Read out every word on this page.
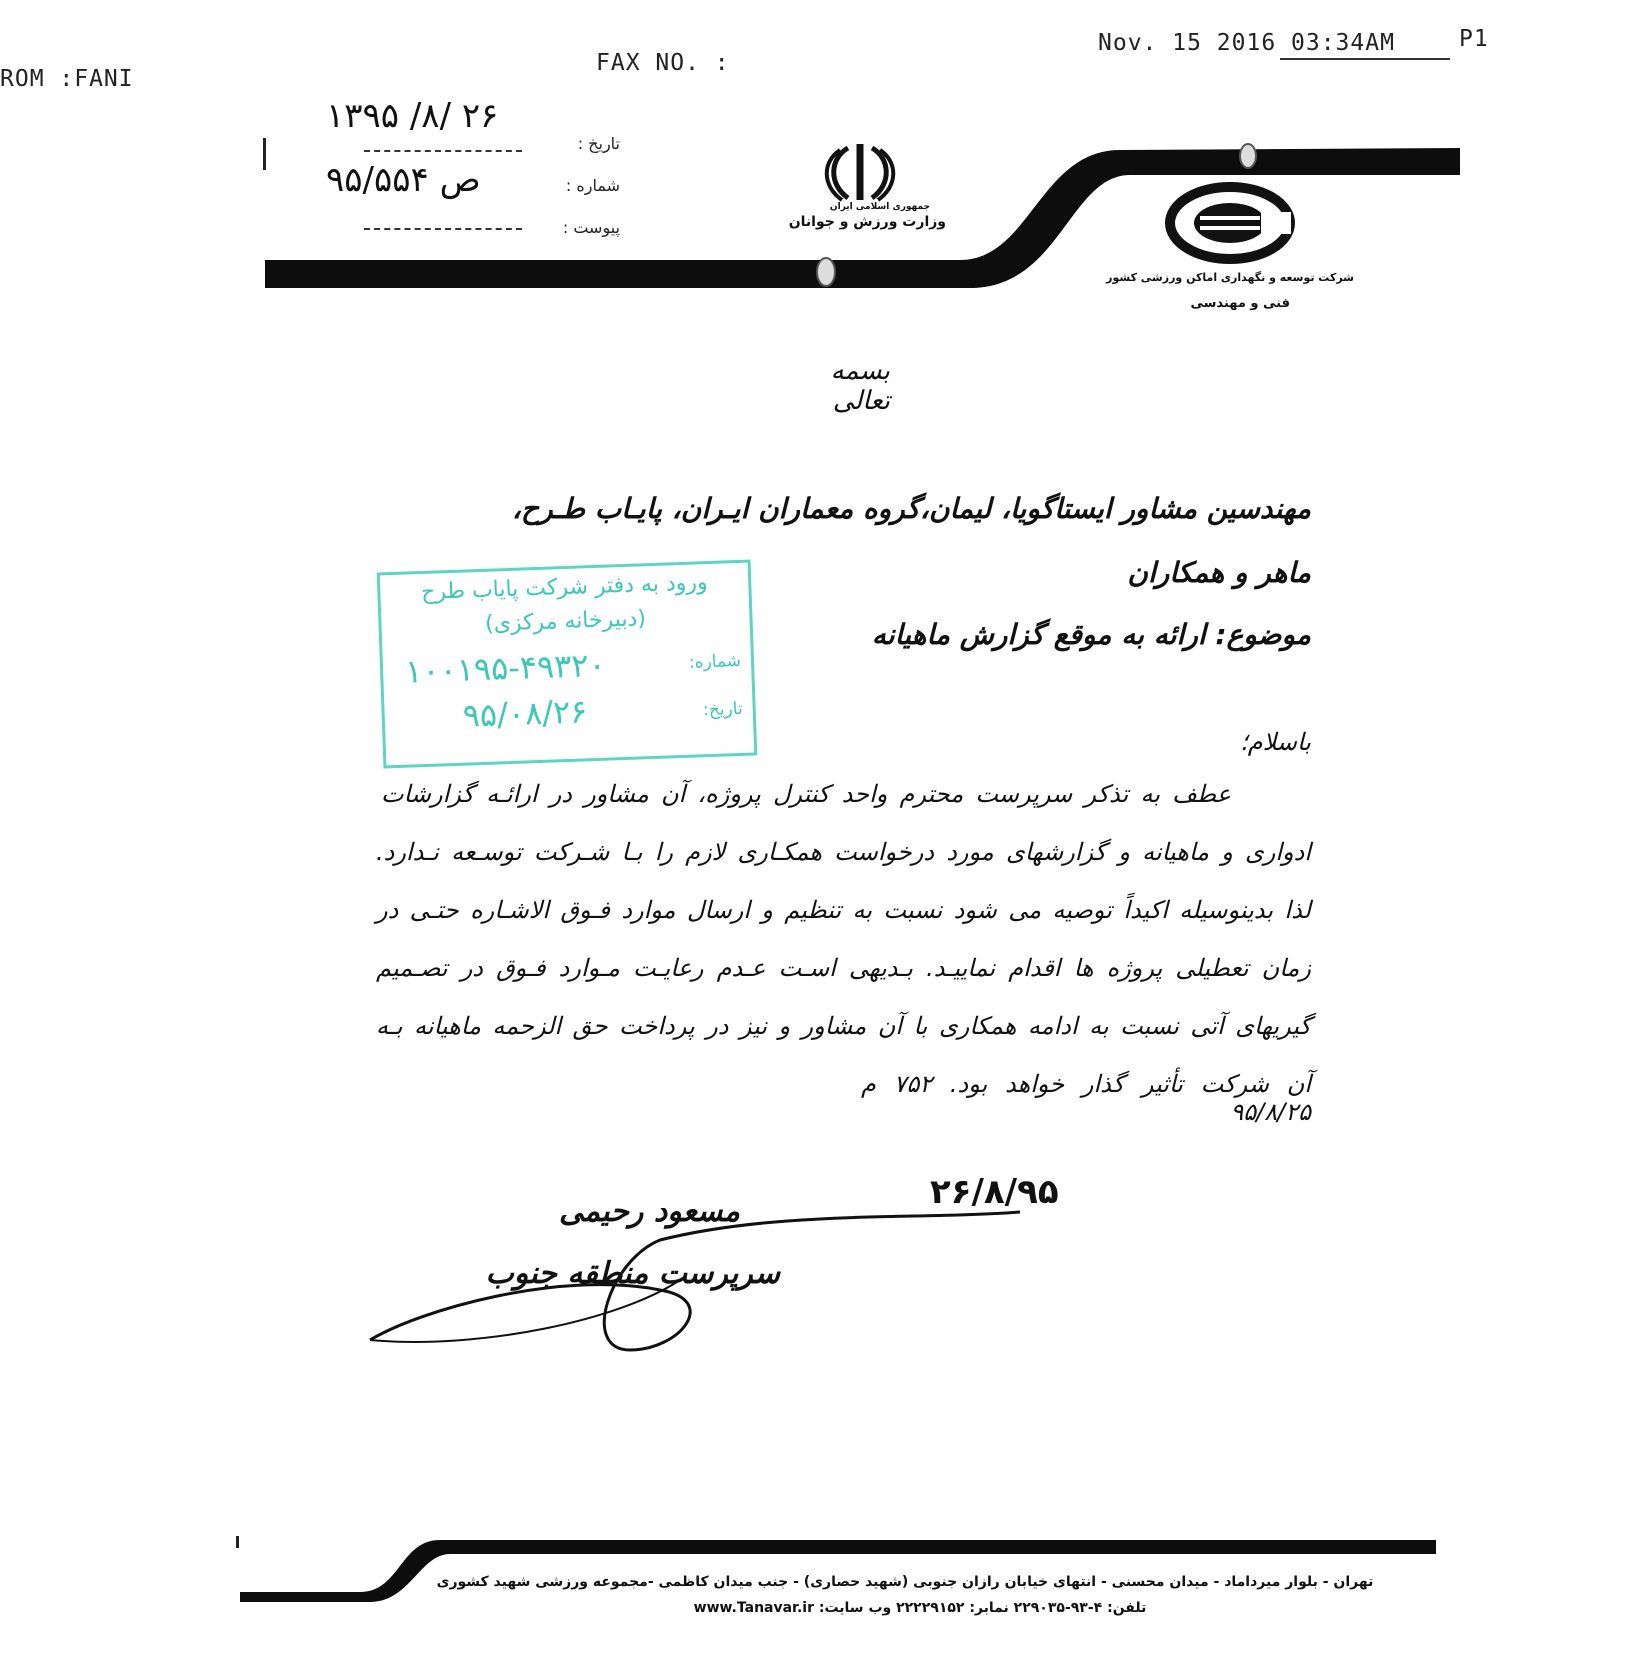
ROM :FANI
FAX NO. :
Nov. 15 2016 03:34AM	P1
جمهوری اسلامی ایران
وزارت ورزش و جوانان
شرکت توسعه و نگهداری اماکن ورزشی کشور
فنی و مهندسی
تاریخ :
شماره :
پیوست :
۱۳۹۵ /۸/ ۲۶
۹۵/۵۵۴ ص
بسمه تعالی
مهندسین مشاور ایستاگویا، لیمان،گروه معماران ایـران، پایـاب طـرح،
ماهر و همکاران
موضوع: ارائه به موقع گزارش ماهیانه
ورود به دفتر شرکت پایاب طرح
(دبیرخانه مرکزی)
شماره:
۱۰۰۱۹۵-۴۹۳۲۰
تاریخ:
۹۵/۰۸/۲۶
باسلام؛
عطف به تذکر سرپرست محترم واحد کنترل پروژه، آن مشاور در ارائـه گزارشات
ادواری و ماهیانه و گزارشهای مورد درخواست همکـاری لازم را بـا شـرکت توسـعه نـدارد.
لذا بدینوسیله اکیداً توصیه می شود نسبت به تنظیم و ارسال موارد فـوق الاشـاره حتـی در
زمان تعطیلی پروژه ها اقدام نماییـد. بـدیهی اسـت عـدم رعایـت مـوارد فـوق در تصـمیم
گیریهای آتی نسبت به ادامه همکاری با آن مشاور و نیز در پرداخت حق الزحمه ماهیانه بـه
آن شرکت تأثیر گذار خواهد بود. ۷۵۲ م ۹۵/۸/۲۵
۲۶/۸/۹۵
مسعود رحیمی
سرپرست منطقه جنوب
تهران - بلوار میرداماد - میدان محسنی - انتهای خیابان رازان جنوبی (شهید حصاری) - جنب میدان کاظمی -مجموعه ورزشی شهید کشوری
تلفن: ۴-۹۳-۲۲۹۰۳۵ نمابر: ۲۲۲۲۹۱۵۲ وب سایت: www.Tanavar.ir
